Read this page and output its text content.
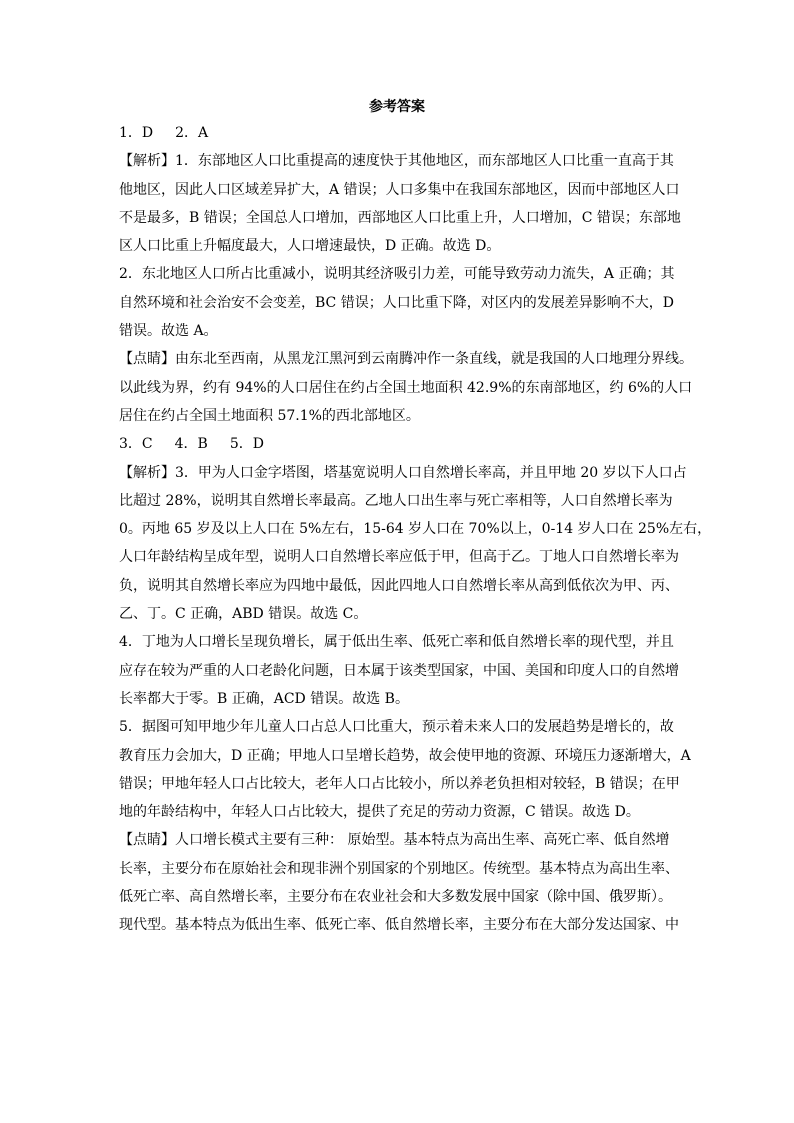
参考答案
1．D 2．A
【解析】1．东部地区人口比重提高的速度快于其他地区，而东部地区人口比重一直高于其
他地区，因此人口区域差异扩大，A 错误；人口多集中在我国东部地区，因而中部地区人口
不是最多，B 错误；全国总人口增加，西部地区人口比重上升，人口增加，C 错误；东部地
区人口比重上升幅度最大，人口增速最快，D 正确。故选 D。
2．东北地区人口所占比重减小，说明其经济吸引力差，可能导致劳动力流失，A 正确；其
自然环境和社会治安不会变差，BC 错误；人口比重下降，对区内的发展差异影响不大，D
错误。故选 A。
【点睛】由东北至西南，从黑龙江黑河到云南腾冲作一条直线，就是我国的人口地理分界线。
以此线为界，约有 94%的人口居住在约占全国土地面积 42.9%的东南部地区，约 6%的人口
居住在约占全国土地面积 57.1%的西北部地区。
3．C 4．B 5．D
【解析】3．甲为人口金字塔图，塔基宽说明人口自然增长率高，并且甲地 20 岁以下人口占
比超过 28%，说明其自然增长率最高。乙地人口出生率与死亡率相等，人口自然增长率为
0。丙地 65 岁及以上人口在 5%左右，15-64 岁人口在 70%以上，0-14 岁人口在 25%左右，
人口年龄结构呈成年型，说明人口自然增长率应低于甲，但高于乙。丁地人口自然增长率为
负，说明其自然增长率应为四地中最低，因此四地人口自然增长率从高到低依次为甲、丙、
乙、丁。C 正确，ABD 错误。故选 C。
4．丁地为人口增长呈现负增长，属于低出生率、低死亡率和低自然增长率的现代型，并且
应存在较为严重的人口老龄化问题，日本属于该类型国家，中国、美国和印度人口的自然增
长率都大于零。B 正确，ACD 错误。故选 B。
5．据图可知甲地少年儿童人口占总人口比重大，预示着未来人口的发展趋势是增长的，故
教育压力会加大，D 正确；甲地人口呈增长趋势，故会使甲地的资源、环境压力逐渐增大，A
错误；甲地年轻人口占比较大，老年人口占比较小，所以养老负担相对较轻，B 错误；在甲
地的年龄结构中，年轻人口占比较大，提供了充足的劳动力资源，C 错误。故选 D。
【点睛】人口增长模式主要有三种： 原始型。基本特点为高出生率、高死亡率、低自然增
长率，主要分布在原始社会和现非洲个别国家的个别地区。传统型。基本特点为高出生率、
低死亡率、高自然增长率，主要分布在农业社会和大多数发展中国家（除中国、俄罗斯）。
现代型。基本特点为低出生率、低死亡率、低自然增长率，主要分布在大部分发达国家、中
